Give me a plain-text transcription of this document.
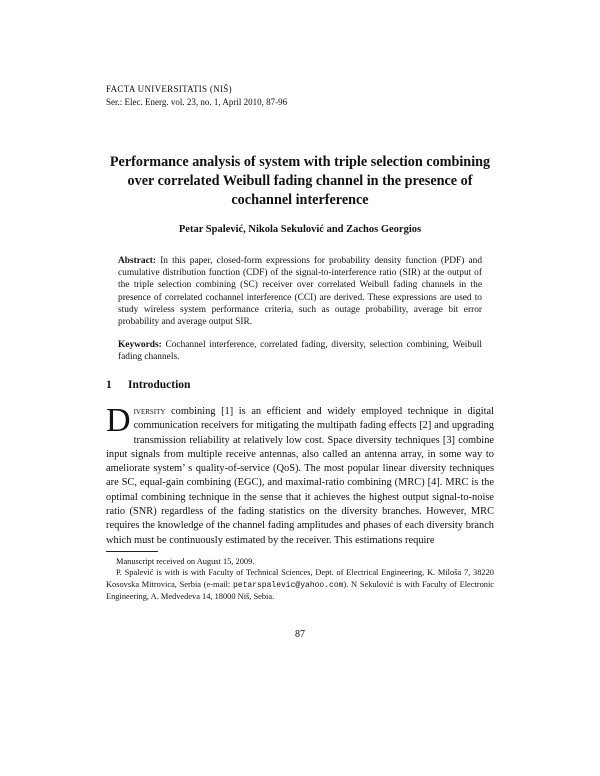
FACTA UNIVERSITATIS (NIŠ)
Ser.: Elec. Energ. vol. 23, no. 1, April 2010, 87-96
Performance analysis of system with triple selection combining over correlated Weibull fading channel in the presence of cochannel interference
Petar Spalević, Nikola Sekulović and Zachos Georgios
Abstract: In this paper, closed-form expressions for probability density function (PDF) and cumulative distribution function (CDF) of the signal-to-interference ratio (SIR) at the output of the triple selection combining (SC) receiver over correlated Weibull fading channels in the presence of correlated cochannel interference (CCI) are derived. These expressions are used to study wireless system performance criteria, such as outage probability, average bit error probability and average output SIR.
Keywords: Cochannel interference, correlated fading, diversity, selection combining, Weibull fading channels.
1 Introduction
Diversity combining [1] is an efficient and widely employed technique in digital communication receivers for mitigating the multipath fading effects [2] and upgrading transmission reliability at relatively low cost. Space diversity techniques [3] combine input signals from multiple receive antennas, also called an antenna array, in some way to ameliorate system’ s quality-of-service (QoS). The most popular linear diversity techniques are SC, equal-gain combining (EGC), and maximal-ratio combining (MRC) [4]. MRC is the optimal combining technique in the sense that it achieves the highest output signal-to-noise ratio (SNR) regardless of the fading statistics on the diversity branches. However, MRC requires the knowledge of the channel fading amplitudes and phases of each diversity branch which must be continuously estimated by the receiver. This estimations require

Manuscript received on August 15, 2009.

P. Spalević is with is with Faculty of Technical Sciences, Dept. of Electrical Engineering, K. Miloša 7, 38220 Kosovska Mitrovica, Serbia (e-mail: petarspalevic@yahoo.com). N Sekulović is with Faculty of Electronic Engineering, A. Medvedeva 14, 18000 Niš, Sebia.

87
